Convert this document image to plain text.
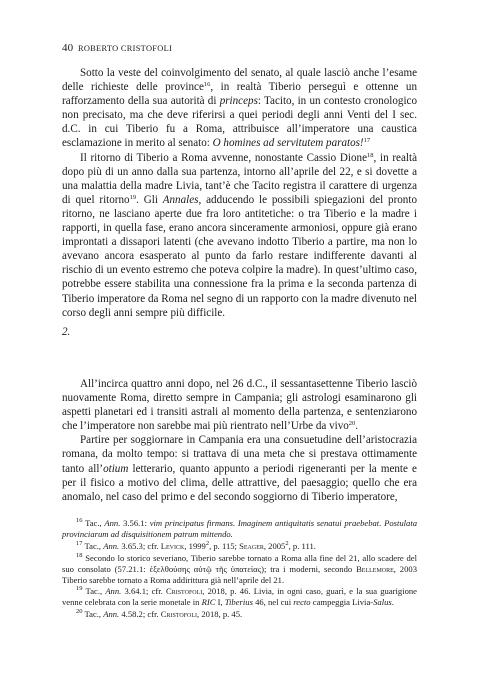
40 ROBERTO CRISTOFOLI

Sotto la veste del coinvolgimento del senato, al quale lasciò anche l’esame delle richieste delle province$^{16}$, in realtà Tiberio perseguì e ottenne un rafforzamento della sua autorità di princeps: Tacito, in un contesto cronologico non precisato, ma che deve riferirsi a quei periodi degli anni Venti del I sec. d.C. in cui Tiberio fu a Roma, attribuisce all’imperatore una caustica esclamazione in merito al senato: O homines ad servitutem paratos!$^{17}$

Il ritorno di Tiberio a Roma avvenne, nonostante Cassio Dione$^{18}$, in realtà dopo più di un anno dalla sua partenza, intorno all’aprile del 22, e si dovette a una malattia della madre Livia, tant’è che Tacito registra il carattere di urgenza di quel ritorno$^{19}$. Gli Annales, adducendo le possibili spiegazioni del pronto ritorno, ne lasciano aperte due fra loro antitetiche: o tra Tiberio e la madre i rapporti, in quella fase, erano ancora sinceramente armoniosi, oppure già erano improntati a dissapori latenti (che avevano indotto Tiberio a partire, ma non lo avevano ancora esasperato al punto da farlo restare indifferente davanti al rischio di un evento estremo che poteva colpire la madre). In quest’ultimo caso, potrebbe essere stabilita una connessione fra la prima e la seconda partenza di Tiberio imperatore da Roma nel segno di un rapporto con la madre divenuto nel corso degli anni sempre più difficile.

2.

All’incirca quattro anni dopo, nel 26 d.C., il sessantasettenne Tiberio lasciò nuovamente Roma, diretto sempre in Campania; gli astrologi esaminarono gli aspetti planetari ed i transiti astrali al momento della partenza, e sentenziarono che l’imperatore non sarebbe mai più rientrato nell’Urbe da vivo$^{20}$.

Partire per soggiornare in Campania era una consuetudine dell’aristocrazia romana, da molto tempo: si trattava di una meta che si prestava ottimamente tanto all’otium letterario, quanto appunto a periodi rigeneranti per la mente e per il fisico a motivo del clima, delle attrattive, del paesaggio; quello che era anomalo, nel caso del primo e del secondo soggiorno di Tiberio imperatore,

$^{16}$ Tac., Ann. 3.56.1: vim principatus firmans. Imaginem antiquitatis senatui praebebat. Postulata provinciarum ad disquisitionem patrum mittendo.

$^{17}$ Tac., Ann. 3.65.3; cfr. Levick, 1999$^2$, p. 115; Seager, 2005$^2$, p. 111.

$^{18}$ Secondo lo storico severiano, Tiberio sarebbe tornato a Roma alla fine del 21, allo scadere del suo consolato (57.21.1: ἐξελθούσης αὐτῷ τῆς ὑπατείας); tra i moderni, secondo Bellemore, 2003 Tiberio sarebbe tornato a Roma addirittura già nell’aprile del 21.

$^{19}$ Tac., Ann. 3.64.1; cfr. Cristofoli, 2018, p. 46. Livia, in ogni caso, guarì, e la sua guarigione venne celebrata con la serie monetale in RIC I, Tiberius 46, nel cui recto campeggia Livia-Salus.

$^{20}$ Tac., Ann. 4.58.2; cfr. Cristofoli, 2018, p. 45.
